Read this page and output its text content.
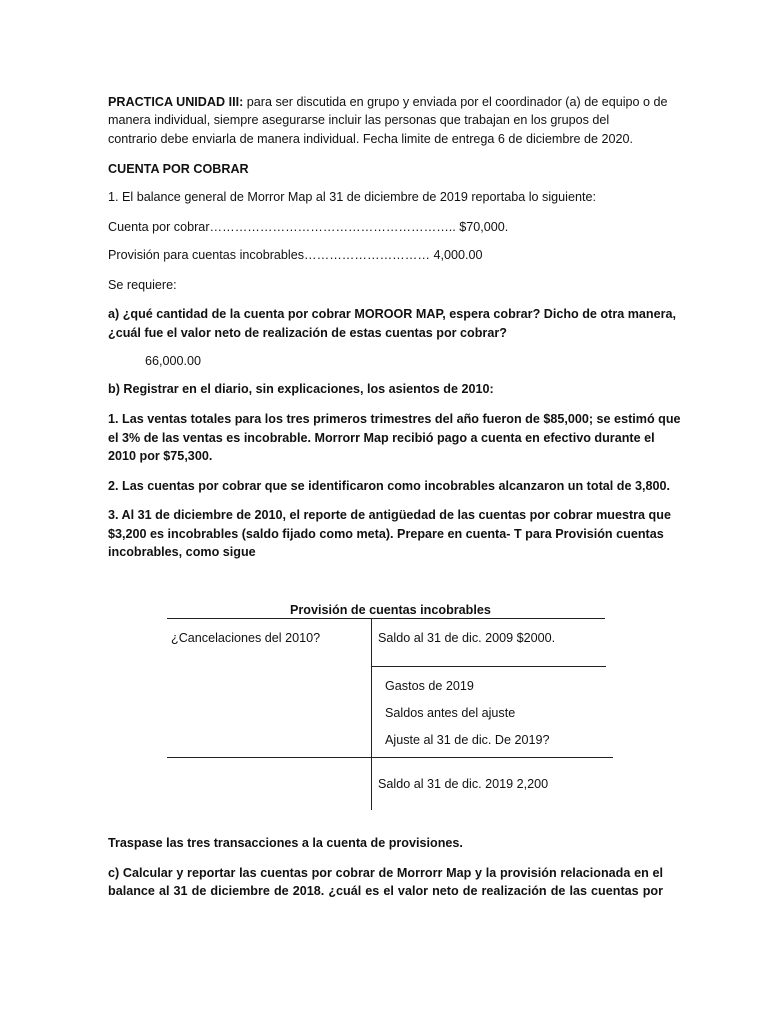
PRACTICA UNIDAD III: para ser discutida en grupo y enviada por el coordinador (a) de equipo o de
manera individual, siempre asegurarse incluir las personas que trabajan en los grupos del
contrario debe enviarla de manera individual. Fecha limite de entrega 6 de diciembre de 2020.
CUENTA POR COBRAR
1. El balance general de Morror Map al 31 de diciembre de 2019 reportaba lo siguiente:
Cuenta por cobrar………………………………………………….. $70,000.
Provisión para cuentas incobrables………………………… 4,000.00
Se requiere:
a) ¿qué cantidad de la cuenta por cobrar MOROOR MAP, espera cobrar? Dicho de otra manera,
¿cuál fue el valor neto de realización de estas cuentas por cobrar?
66,000.00
b) Registrar en el diario, sin explicaciones, los asientos de 2010:
1. Las ventas totales para los tres primeros trimestres del año fueron de $85,000; se estimó que
el 3% de las ventas es incobrable. Morrorr Map recibió pago a cuenta en efectivo durante el
2010 por $75,300.
2. Las cuentas por cobrar que se identificaron como incobrables alcanzaron un total de 3,800.
3. Al 31 de diciembre de 2010, el reporte de antigüedad de las cuentas por cobrar muestra que
$3,200 es incobrables (saldo fijado como meta). Prepare en cuenta- T para Provisión cuentas
incobrables, como sigue
Provisión de cuentas incobrables
¿Cancelaciones del 2010?	Saldo al 31 de dic. 2009 $2000.
Gastos de 2019
Saldos antes del ajuste
Ajuste al 31 de dic. De 2019?
Saldo al 31 de dic. 2019 2,200
Traspase las tres transacciones a la cuenta de provisiones.
c) Calcular y reportar las cuentas por cobrar de Morrorr Map y la provisión relacionada en el
balance al 31 de diciembre de 2018. ¿cuál es el valor neto de realización de las cuentas por
